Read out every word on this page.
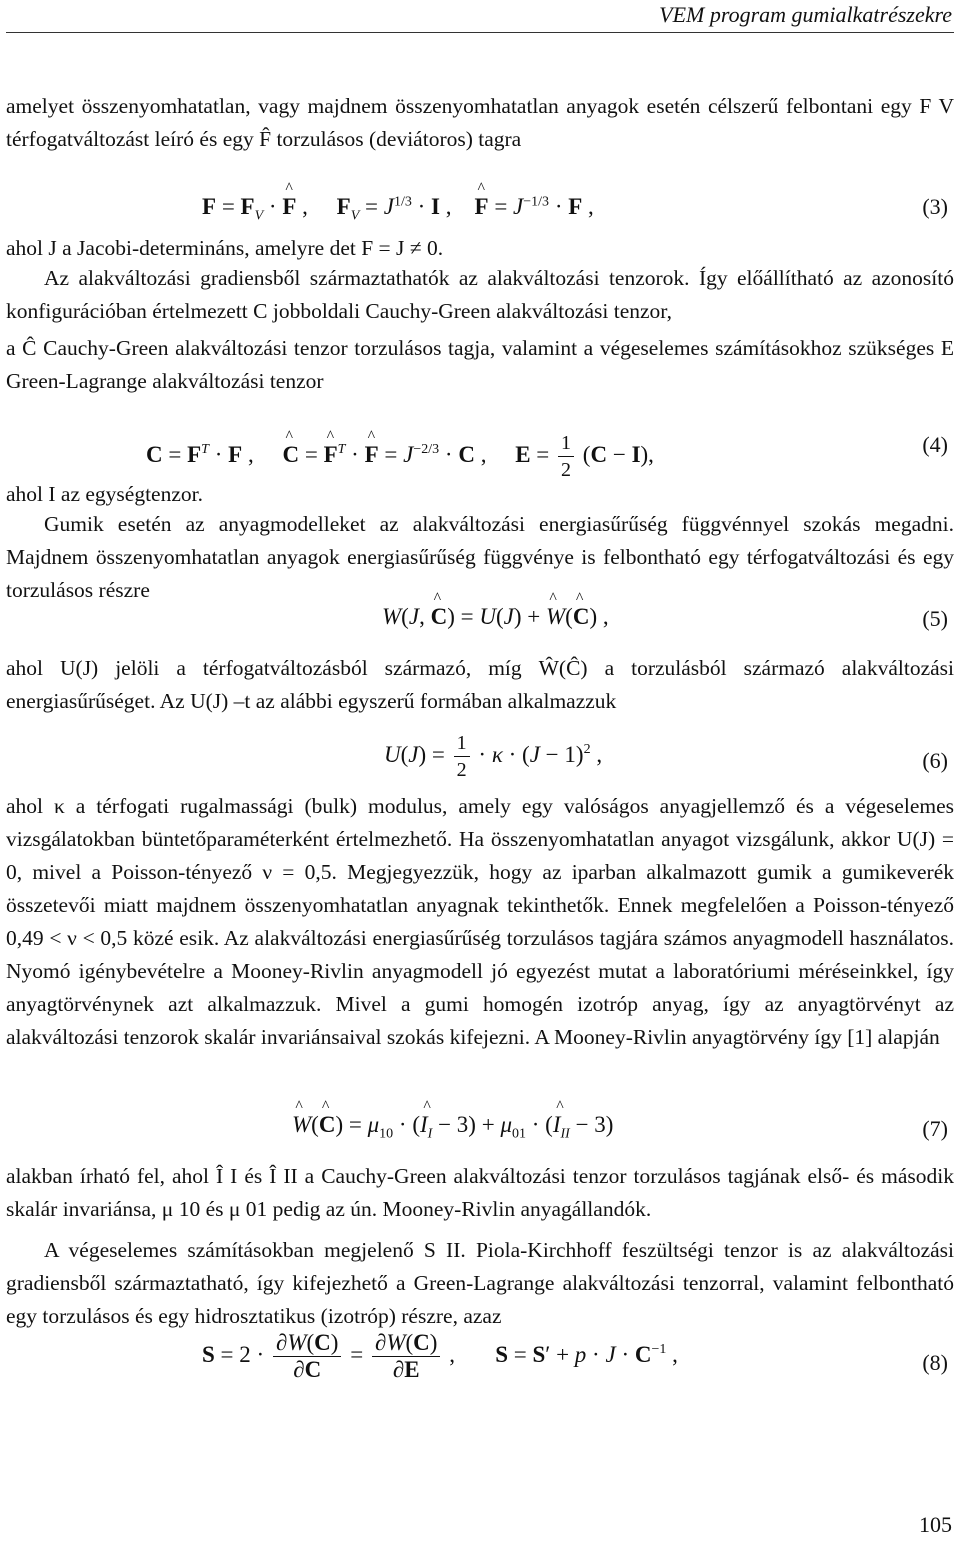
VEM program gumialkatrészekre
amelyet összenyomhatatlan, vagy majdnem összenyomhatatlan anyagok esetén célszerű felbontani egy F V térfogatváltozást leíró és egy F̂ torzulásos (deviátoros) tagra
$F = F_V$ · ^ F ,     $F_V = J^{1/3} \cdot I$ ,    ^ $F = J^{-1/3} \cdot F$ ,	(3)
ahol J a Jacobi-determináns, amelyre det F = J ≠ 0.
Az alakváltozási gradiensből származtathatók az alakváltozási tenzorok. Így előállítható az azonosító konfigurációban értelmezett C jobboldali Cauchy-Green alakváltozási tenzor,
a Ĉ Cauchy-Green alakváltozási tenzor torzulásos tagja, valamint a végeselemes számításokhoz szükséges E Green-Lagrange alakváltozási tenzor
$C = F^T \cdot F$ ,     ^ C = ^ $F^T$ · ^ $F = J^{-2/3} \cdot C$ ,     $E = \frac{1}{2} (C - I)$,	(4)
ahol I az egységtenzor.
Gumik esetén az anyagmodelleket az alakváltozási energiasűrűség függvénnyel szokás megadni. Majdnem összenyomhatatlan anyagok energiasűrűség függvénye is felbontható egy térfogatváltozási és egy torzulásos részre
W(J, ^ C) = U(J) + ^ W(^ C) ,	(5)
ahol U(J) jelöli a térfogatváltozásból származó, míg Ŵ(Ĉ) a torzulásból származó alakváltozási energiasűrűséget. Az U(J) –t az alábbi egyszerű formában alkalmazzuk
$U(J) = \frac{1}{2} \cdot \kappa \cdot (J - 1)^2$ ,	(6)
ahol κ a térfogati rugalmassági (bulk) modulus, amely egy valóságos anyagjellemző és a végeselemes vizsgálatokban büntetőparaméterként értelmezhető. Ha összenyomhatatlan anyagot vizsgálunk, akkor U(J) = 0, mivel a Poisson-tényező ν = 0,5. Megjegyezzük, hogy az iparban alkalmazott gumik a gumikeverék összetevői miatt majdnem összenyomhatatlan anyagnak tekinthetők. Ennek megfelelően a Poisson-tényező 0,49 < ν < 0,5 közé esik. Az alakváltozási energiasűrűség torzulásos tagjára számos anyagmodell használatos. Nyomó igénybevételre a Mooney-Rivlin anyagmodell jó egyezést mutat a laboratóriumi méréseinkkel, így anyagtörvénynek azt alkalmazzuk. Mivel a gumi homogén izotróp anyag, így az anyagtörvényt az alakváltozási tenzorok skalár invariánsaival szokás kifejezni. A Mooney-Rivlin anyagtörvény így [1] alapján
^ W(^ $C) = \mu_{10}$ · (^ $I_I - 3) + \mu_{01}$ · (^ $I_{II} - 3$)	(7)
alakban írható fel, ahol Î I és Î II a Cauchy-Green alakváltozási tenzor torzulásos tagjának első- és második skalár invariánsa, μ 10 és μ 01 pedig az ún. Mooney-Rivlin anyagállandók.
A végeselemes számításokban megjelenő S II. Piola-Kirchhoff feszültségi tenzor is az alakváltozási gradiensből származtatható, így kifejezhető a Green-Lagrange alakváltozási tenzorral, valamint felbontható egy torzulásos és egy hidrosztatikus (izotróp) részre, azaz
$S = 2 \cdot \frac{\partial W(C)}{\partial C} = \frac{\partial W(C)}{\partial E}$ ,       $S = S' + p \cdot J \cdot C^{-1}$ ,	(8)
105
